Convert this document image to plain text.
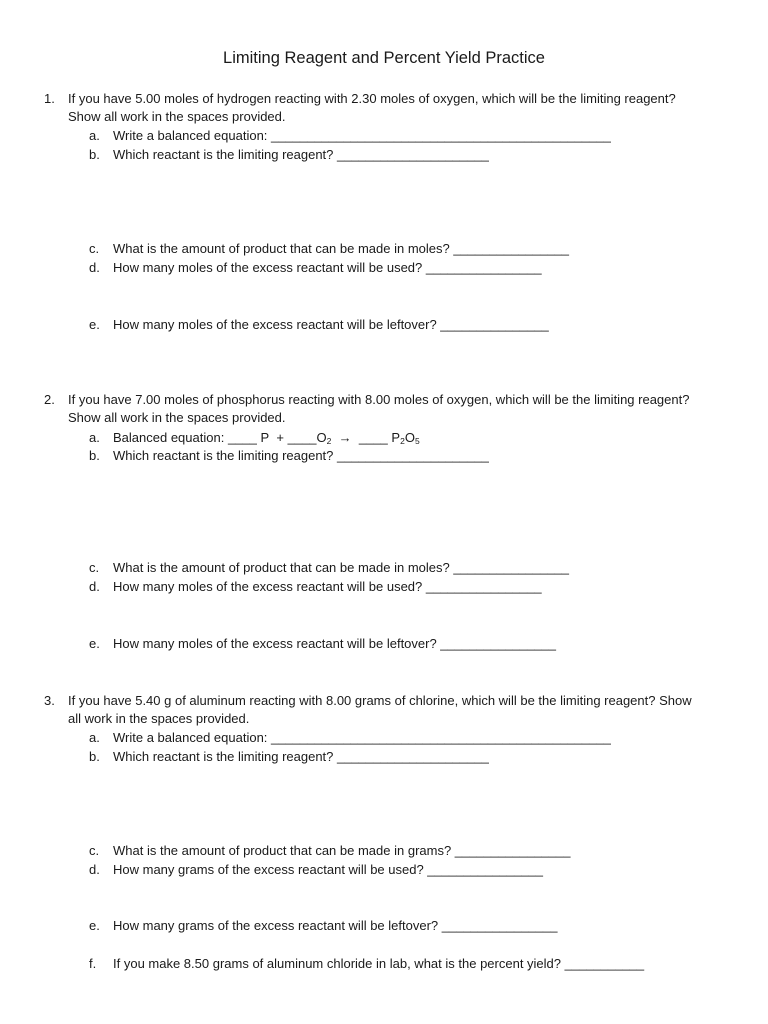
Limiting Reagent and Percent Yield Practice
1. If you have 5.00 moles of hydrogen reacting with 2.30 moles of oxygen, which will be the limiting reagent?
Show all work in the spaces provided.
a. Write a balanced equation: _______________________________________________
b. Which reactant is the limiting reagent? _____________________
c. What is the amount of product that can be made in moles? ________________
d. How many moles of the excess reactant will be used? ________________
e. How many moles of the excess reactant will be leftover? _______________
2. If you have 7.00 moles of phosphorus reacting with 8.00 moles of oxygen, which will be the limiting reagent?
Show all work in the spaces provided.
a. Balanced equation: ____ $P + \_\_\_\_O_2$ → ____ $P_2O_5$
b. Which reactant is the limiting reagent? _____________________
c. What is the amount of product that can be made in moles? ________________
d. How many moles of the excess reactant will be used? ________________
e. How many moles of the excess reactant will be leftover? ________________
3. If you have 5.40 g of aluminum reacting with 8.00 grams of chlorine, which will be the limiting reagent? Show
all work in the spaces provided.
a. Write a balanced equation: _______________________________________________
b. Which reactant is the limiting reagent? _____________________
c. What is the amount of product that can be made in grams? ________________
d. How many grams of the excess reactant will be used? ________________
e. How many grams of the excess reactant will be leftover? ________________
f. If you make 8.50 grams of aluminum chloride in lab, what is the percent yield? ___________
